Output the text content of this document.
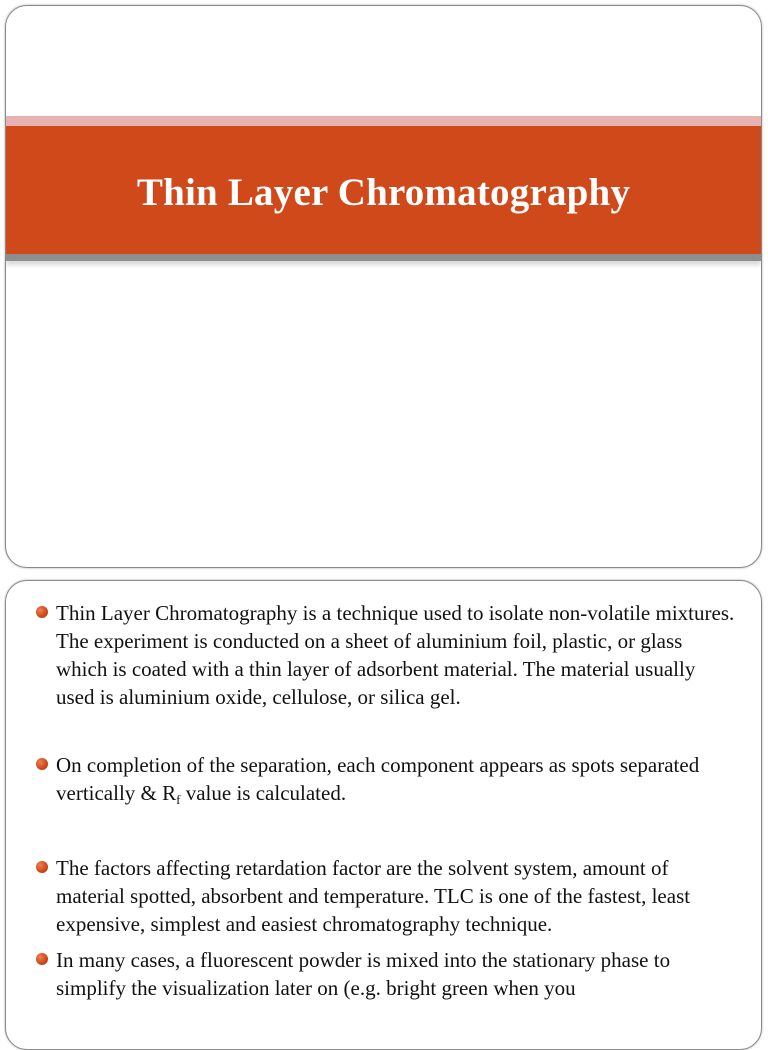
Thin Layer Chromatography
Thin Layer Chromatography is a technique used to isolate non-volatile mixtures. The experiment is conducted on a sheet of aluminium foil, plastic, or glass which is coated with a thin layer of adsorbent material. The material usually used is aluminium oxide, cellulose, or silica gel.
On completion of the separation, each component appears as spots separated vertically & $R_f$ value is calculated.
The factors affecting retardation factor are the solvent system, amount of material spotted, absorbent and temperature. TLC is one of the fastest, least expensive, simplest and easiest chromatography technique.
In many cases, a fluorescent powder is mixed into the stationary phase to simplify the visualization later on (e.g. bright green when you
